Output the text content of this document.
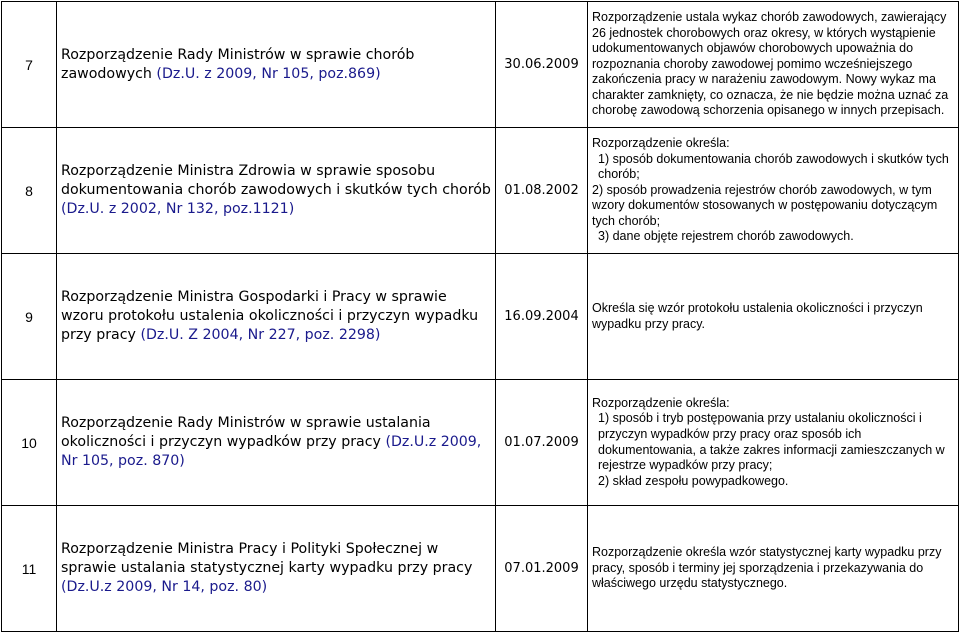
7	Rozporządzenie Rady Ministrów w sprawie chorób zawodowych (Dz.U. z 2009, Nr 105, poz.869)	30.06.2009	Rozporządzenie ustala wykaz chorób zawodowych, zawierający 26 jednostek chorobowych oraz okresy, w których wystąpienie udokumentowanych objawów chorobowych upoważnia do rozpoznania choroby zawodowej pomimo wcześniejszego zakończenia pracy w narażeniu zawodowym. Nowy wykaz ma charakter zamknięty, co oznacza, że nie będzie można uznać za chorobę zawodową schorzenia opisanego w innych przepisach.
8	Rozporządzenie Ministra Zdrowia w sprawie sposobu dokumentowania chorób zawodowych i skutków tych chorób (Dz.U. z 2002, Nr 132, poz.1121)	01.08.2002	Rozporządzenie określa:
1) sposób dokumentowania chorób zawodowych i skutków tych chorób;
2) sposób prowadzenia rejestrów chorób zawodowych, w tym wzory dokumentów stosowanych w postępowaniu dotyczącym tych chorób;
3) dane objęte rejestrem chorób zawodowych.

9	Rozporządzenie Ministra Gospodarki i Pracy w sprawie wzoru protokołu ustalenia okoliczności i przyczyn wypadku przy pracy (Dz.U. Z 2004, Nr 227, poz. 2298)	16.09.2004	Określa się wzór protokołu ustalenia okoliczności i przyczyn wypadku przy pracy.
10	Rozporządzenie Rady Ministrów w sprawie ustalania okoliczności i przyczyn wypadków przy pracy (Dz.U.z 2009, Nr 105, poz. 870)	01.07.2009	Rozporządzenie określa:
1) sposób i tryb postępowania przy ustalaniu okoliczności i przyczyn wypadków przy pracy oraz sposób ich dokumentowania, a także zakres informacji zamieszczanych w rejestrze wypadków przy pracy;
2) skład zespołu powypadkowego.

11	Rozporządzenie Ministra Pracy i Polityki Społecznej w sprawie ustalania statystycznej karty wypadku przy pracy (Dz.U.z 2009, Nr 14, poz. 80)	07.01.2009	Rozporządzenie określa wzór statystycznej karty wypadku przy pracy, sposób i terminy jej sporządzenia i przekazywania do właściwego urzędu statystycznego.
